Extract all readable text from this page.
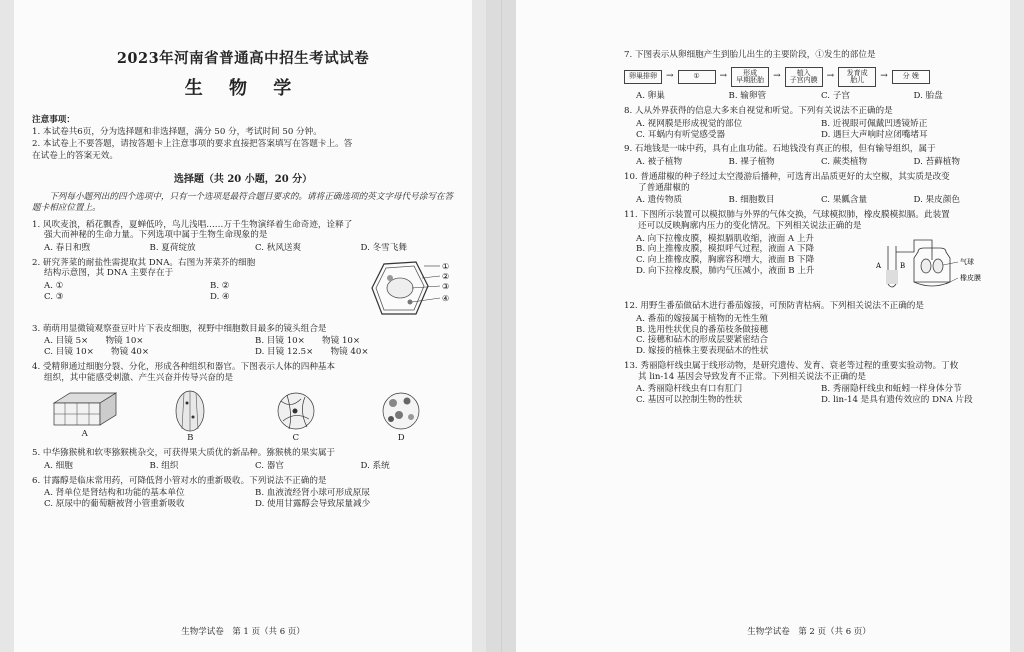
2023年河南省普通高中招生考试试卷
生 物 学
注意事项：
1. 本试卷共6页，分为选择题和非选择题，满分 50 分，考试时间 50 分钟。
2. 本试卷上不要答题，请按答题卡上注意事项的要求直接把答案填写在答题卡上。答
在试卷上的答案无效。
选择题（共 20 小题，20 分）
下列每小题列出的四个选项中，只有一个选项是最符合题目要求的。请将正确选项的英文字母代号涂写在答题卡相应位置上。
1. 风吹麦浪，稻花飘香，夏蝉低吟，鸟儿浅唱……万千生物演绎着生命奇迹，诠释了
强大而神秘的生命力量。下列选项中属于生物生命现象的是
A. 春日和煦	B. 夏荷绽放	C. 秋风送爽	D. 冬雪飞舞
2. 研究荠菜的耐盐性需提取其 DNA。右图为荠菜芥的细胞
结构示意图，其 DNA 主要存在于
A. ①	B. ②
C. ③	D. ④
①
②
③
④
3. 萌萌用显微镜观察蚕豆叶片下表皮细胞，视野中细胞数目最多的镜头组合是
A. 目镜 5×　　物镜 10×	B. 目镜 10×　　物镜 10×
C. 目镜 10×　　物镜 40×	D. 目镜 12.5×　　物镜 40×
4. 受精卵通过细胞分裂、分化，形成各种组织和器官。下图表示人体的四种基本
组织，其中能感受刺激、产生兴奋并传导兴奋的是
A	B	C	D
5. 中华猕猴桃和软枣猕猴桃杂交，可获得果大质优的新品种。猕猴桃的果实属于
A. 细胞	B. 组织	C. 器官	D. 系统
6. 甘露醇是临床常用药，可降低肾小管对水的重新吸收。下列说法不正确的是
A. 肾单位是肾结构和功能的基本单位	B. 血液流经肾小球可形成原尿
C. 原尿中的葡萄糖被肾小管重新吸收	D. 使用甘露醇会导致尿量减少
生物学试卷　第 1 页（共 6 页）
7. 下图表示从卵细胞产生到胎儿出生的主要阶段，①发生的部位是
卵巢排卵	→	①	→	形成
早期胚胎	→	植入
子宫内膜	→	发育成
胎儿	→	分 娩
A. 卵巢	B. 输卵管	C. 子宫	D. 胎盘
8. 人从外界获得的信息大多来自视觉和听觉。下列有关说法不正确的是
A. 视网膜是形成视觉的部位	B. 近视眼可佩戴凹透镜矫正
C. 耳蜗内有听觉感受器	D. 遇巨大声响时应闭嘴堵耳
9. 石地钱是一味中药，具有止血功能。石地钱没有真正的根，但有输导组织，属于
A. 被子植物	B. 裸子植物	C. 蕨类植物	D. 苔藓植物
10. 普通甜椒的种子经过太空漫游后播种，可选育出品质更好的太空椒，其实质是改变
了普通甜椒的
A. 遗传物质	B. 细胞数目	C. 果瓤含量	D. 果皮颜色
11. 下图所示装置可以模拟肺与外界的气体交换，气球模拟肺，橡皮膜模拟膈。此装置
还可以反映胸廓内压力的变化情况。下列相关说法正确的是
A. 向下拉橡皮膜，模拟膈肌收缩，液面 A 上升
B. 向上推橡皮膜，模拟呼气过程，液面 A 下降
C. 向上推橡皮膜，胸廓容积增大，液面 B 下降
D. 向下拉橡皮膜，肺内气压减小，液面 B 上升
A	B	气球
橡皮膜
12. 用野生番茄做砧木进行番茄嫁接，可预防青枯病。下列相关说法不正确的是
A. 番茄的嫁接属于植物的无性生殖
B. 选用性状优良的番茄枝条做接穗
C. 接穗和砧木的形成层要紧密结合
D. 嫁接的植株主要表现砧木的性状
13. 秀丽隐杆线虫属于线形动物，是研究遗传、发育、衰老等过程的重要实验动物。丁攸
其 lin-14 基因会导致发育不正常。下列相关说法不正确的是
A. 秀丽隐杆线虫有口有肛门	B. 秀丽隐杆线虫和蚯蚓一样身体分节
C. 基因可以控制生物的性状	D. lin-14 是具有遗传效应的 DNA 片段
生物学试卷　第 2 页（共 6 页）
